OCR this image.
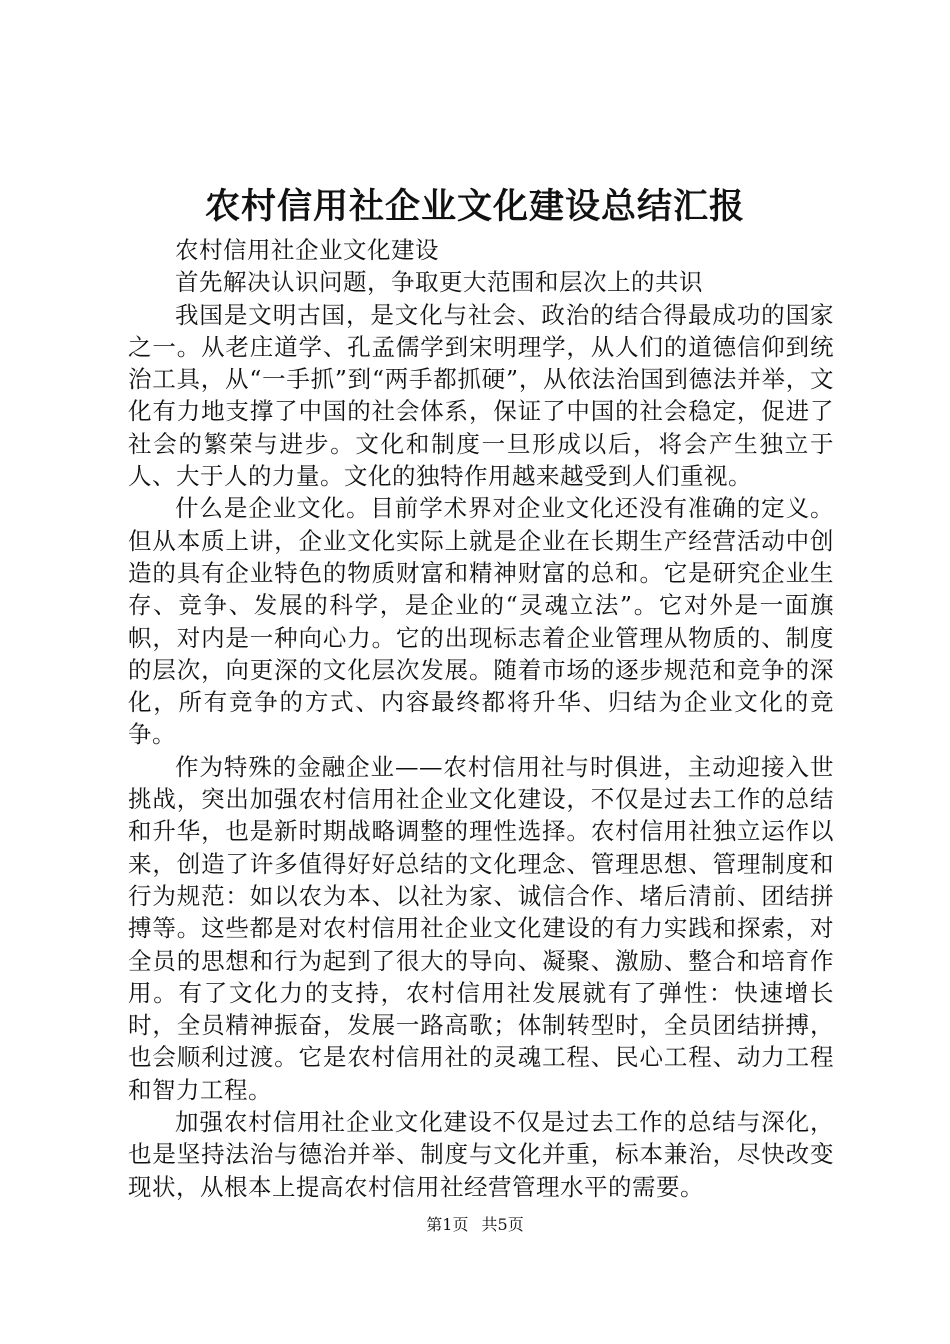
农村信用社企业文化建设总结汇报

农村信用社企业文化建设

首先解决认识问题，争取更大范围和层次上的共识

我国是文明古国，是文化与社会、政治的结合得最成功的国家之一。从老庄道学、孔孟儒学到宋明理学，从人们的道德信仰到统治工具，从“一手抓”到“两手都抓硬”，从依法治国到德法并举，文化有力地支撑了中国的社会体系，保证了中国的社会稳定，促进了社会的繁荣与进步。文化和制度一旦形成以后，将会产生独立于人、大于人的力量。文化的独特作用越来越受到人们重视。

什么是企业文化。目前学术界对企业文化还没有准确的定义。但从本质上讲，企业文化实际上就是企业在长期生产经营活动中创造的具有企业特色的物质财富和精神财富的总和。它是研究企业生存、竞争、发展的科学，是企业的“灵魂立法”。它对外是一面旗帜，对内是一种向心力。它的出现标志着企业管理从物质的、制度的层次，向更深的文化层次发展。随着市场的逐步规范和竞争的深化，所有竞争的方式、内容最终都将升华、归结为企业文化的竞争。

作为特殊的金融企业——农村信用社与时俱进，主动迎接入世挑战，突出加强农村信用社企业文化建设，不仅是过去工作的总结和升华，也是新时期战略调整的理性选择。农村信用社独立运作以来，创造了许多值得好好总结的文化理念、管理思想、管理制度和行为规范：如以农为本、以社为家、诚信合作、堵后清前、团结拼搏等。这些都是对农村信用社企业文化建设的有力实践和探索，对全员的思想和行为起到了很大的导向、凝聚、激励、整合和培育作用。有了文化力的支持，农村信用社发展就有了弹性：快速增长时，全员精神振奋，发展一路高歌；体制转型时，全员团结拼搏，也会顺利过渡。它是农村信用社的灵魂工程、民心工程、动力工程和智力工程。

加强农村信用社企业文化建设不仅是过去工作的总结与深化，也是坚持法治与德治并举、制度与文化并重，标本兼治，尽快改变现状，从根本上提高农村信用社经营管理水平的需要。

第1页 共5页
